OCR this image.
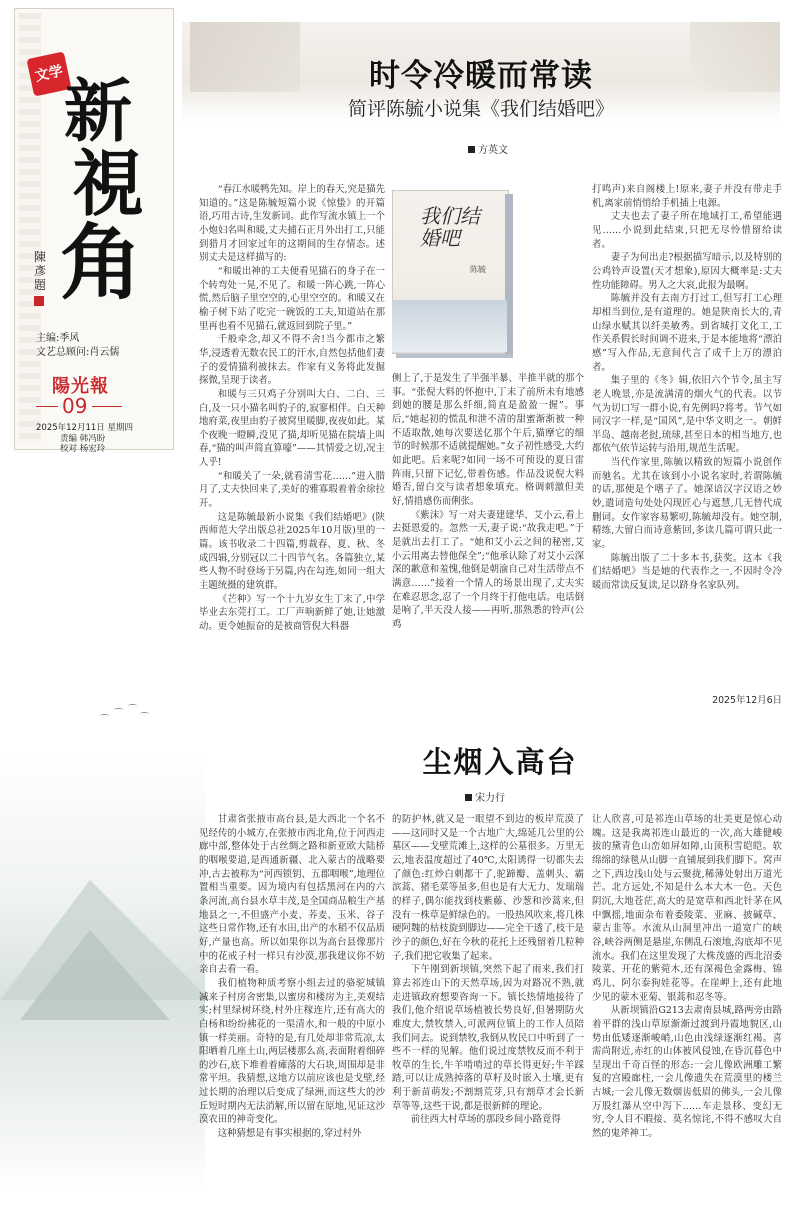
文学 新
視
角
陳彥題
主编:季风
文艺总顾问:肖云儒
陽光報
09
2025年12月11日 星期四
责编 韩冯盼
校对 杨宏玲
时令冷暖而常读
简评陈毓小说集《我们结婚吧》
方英文

“春江水暖鸭先知。岸上的春天,究是猫先知道的。”这是陈毓短篇小说《惊蛰》的开篇语,巧用古诗,生发新词。此作写流水镇上一个小炮妇名叫和暖,丈夫捕石正月外出打工,只能到猎月才回家过年的这期间的生存情态。述别丈夫是这样描写的:

“和暖出神的工夫便看见猫石的身子在一个转弯处一晃,不见了。和暖一阵心跳,一阵心慌,然后脑子里空空的,心里空空的。和暖又在榆子树下站了吃完一碗饭的工夫,知道站在那里再也看不见猫石,就返回到院子里。”

千般牵念,却又不得不舍!当今都市之繁华,浸透着无数农民工的汗水,自然包括他们妻子的爱情猫利被抹去。作家有义务将此发掘探微,呈现于读者。

和暖与三只鸡子分别叫大白、二白、三白,及一只小猫名叫豹子的,寂寥相伴。白天种地府菜,夜里由豹子被窝里暖脚,夜夜如此。某个夜晚一瞪瞬,没见了猫,却听见猫在院墙上叫春,“猫的叫声简直算嚎”——其情爱之切,况主人乎!

“和暖关了一朵,就看清雪花……”进入腊月了,丈夫快回来了,美好的雅寡瑕着着余徐拉开。

这是陈毓最新小说集《我们结婚吧》(陕西师范大学出版总社2025年10月版)里的一篇。该书收录二十四篇,剪裁春、夏、秋、冬成四辑,分别冠以二十四节气名。各篇独立,某些人物不时登场于另篇,内在勾连,如同一组大主题统摄的建筑群。

《芒种》写一个十九岁女生丁末了,中学毕业去东莞打工。工厂声响新鲜了她,让她激动。更令她振奋的是被商管倪大料器

我们结婚吧
陈毓

侧上了,于是发生了半强半暴、半推半就的那个事。“张倪大料的怀抱中,丁末了前所未有地感到她的腰是那么纤细,简直是盈盈一握”。事后,“她起初的慌乱和泄不清的甜蜜渐渐被一种不适取散,她每次要送亿那个午后,猫摩它的细节的时候那不适就提醒她。”女子初性感受,大约如此吧。后来呢?如同一场不可预设的夏日雷阵雨,只留下记忆,带着伤感。作品没说倪大料婚否,留白交与读者想象填充。格调刺激但美好,情措感伤而俐张。

《紫沫》写一对夫妻建建华、艾小云,看上去挺恩爱的。忽然一天,妻子说:“故我走吧。”于是就出去打工了。“她和艾小云之间的秘密,艾小云用离去替他保全”;“他承认除了对艾小云深深的歉意和羞愧,他倒是朝渝自己对生活带点不满意……”接着一个情人的场景出现了,丈夫实在难忍思念,忍了一个月终于打他电话。电话倒是响了,半天没人接——再听,那熟悉的铃声(公鸡

打鸣声)来自阁楼上!原来,妻子并没有带走手机,离家前悄悄给手机插上电源。

丈夫也去了妻子所在地域打工,希望能遇见……小说到此结束,只把无尽怜惜留给读者。

妻子为何出走?根据描写暗示,以及特别的公鸡铃声设置(天才想象),原因大概率是:丈夫性功能障碍。男人之大哀,此报为最啊。

陈毓并没有去南方打过工,但写打工心理却相当到位,是有道理的。她是陕南长大的,青山绿水赋其以纤美敏秀。到省城打文化工,工作关系假长时间调不进来,于是本能地将“漂泊感”写入作品,无意间代言了成千上万的漂泊者。

集子里的《冬》辑,依旧六个节令,虽主写老人晚景,亦是流满清的烟火气的代表。以节气为切口写一群小说,有先例吗?将考。节气如同汉字一样,是“国风”,是中华文明之一。朝鲜半岛、越南老挝,琉球,甚至日本的相当地方,也都依气依节运转与沿用,规范生活呢。

当代作家里,陈毓以精致的短篇小说创作而驰名。尤其在该到小小说名家时,若谓陈毓的话,那便是个嗜子了。她深谙汉字汉语之妙妙,遣词造句处处闪现匠心与遮慧,几无替代成删词。女作家容易繁叨,陈毓却没有。她空制,精练,大留白而诗意紫回,多读几篇可谓只此一家。

陈毓出版了二十多本书,获奖。这本《我们结婚吧》当是她的代表作之一,不因时令冷暖而常读反复读,足以跻身名家队列。

2025年12月6日
⌒
⌒ ⌒
⌒
尘烟入高台
宋力行

甘肃省张掖市高台县,是大西北一个名不见经传的小城方,在张掖市西北角,位于河西走廊中部,整体处于古丝绸之路和新亚欧大陆桥的咽喉要道,是西通新疆、北入蒙古的战略要冲,古去被称为“河西锁钥、五郡咽喉”,地理位置相当重要。因为境内有包括黑河在内的六条河流,高台县水草丰茂,是全国商品粮生产基地县之一,不但盛产小麦、荞麦、玉米、谷子这些日常作物,还有水田,出产的水稻不仅品质好,产量也高。所以如果你以为高台县像那片中的花戒子村一样只有沙漠,那我建议你不妨亲自去看一看。

我们植物种质考察小组去过的骆驼城镇减来子村房舍密集,以蜜房和楼房为主,美观结实;村里绿树环绕,村外庄稼连片,还有高大的白杨和纷纷拂花的一渠清水,和一般的中原小镇一样美丽。奇特的是,有几处却非常荒凉,太阳晒着几座土山,两层楼那么高,表面附着细碎的沙石,底下堆着着瘫落的大石块,周围却是非常平坦。我猜想,这地方以前应该也是戈壁,经过长期的治理以后变成了绿洲,而这些大的沙丘短时期内无法消解,所以留在原地,见证这沙漠农田的神奇变化。

这种猜想是有事实根据的,穿过村外

的防护林,就又是一眼望不到边的板岸荒漠了——这同时又是一个古地广大,绵延几公里的公墓区——戈壁荒滩上,这样的公墓很多。万里无云,地表温度超过了40℃,太阳诱得一切都失去了颜色:红炒白刺都干了,驼蹄瓣、盖刺头、霸滨蒿、猪毛菜等虽多,但也是有大无力、发瑞瑞的样子,偶尔能找到枝紫藤、沙葱和沙蒿来,但没有一株草是鲜绿色的。一股热风吹来,将几株硬阿魏的枯枝旋到脚边——完全干透了,枝干是沙子的颜色,好在今秋的花托上还残留着几粒种子,我们把它收集了起来。

下午刚到新坝镇,突然下起了雨来,我们打算去祁连山下的天然草场,因为对路况不熟,就走进镇政府想要咨询一下。镇长热情地接待了我们,他介绍说草场植被长势良好,但暑期防火难度大,禁牧禁入,可派两位镇上的工作人员陪我们同去。说到禁牧,我倒从牧民口中听到了一些不一样的见解。他们说过度禁牧反而不利于牧草的生长,牛羊啃啃过的草长得更好;牛羊踩踏,可以让成熟掉落的草籽及时嵌入土壤,更有利于新苗萌发;不割割荒芽,只有割草才会长新草等等,这些干说,都是很新鲜的理论。

前往西大村草场的那段乡间小路竟得

让人欣喜,可是祁连山草场的壮美更是惊心动魄。这是我离祁连山最近的一次,高大雄健峻拔的黛青色山峦如屏如障,山顶积雪皑皑。软绵绵的绿毯从山脚一直铺展到我们脚下。窝声之下,西边浅山处与云聚拢,稀薄处射出万道光芒。北方远处,不知是什么本大木一色。天色阴沉,大地苍茫,高大的是宽草和西北针茅在风中飘摇,地面杂布着委陵菜、亚麻、披碱草、蒙古韭等。水流从山洞里冲出一道宽广的峡谷,峡谷两侧是悬崖,东侧乱石滚地,沟底却不见流水。我们在这里发现了大株茂盛的西北沼委陵菜、开花的紫菀木,还有深褐色金露梅、锦鸡儿、阿尔泰狗娃花等。在崖岬上,还有此地少见的蒙木亚菊、银蒿和忍冬等。

从新坝镇沿G213去肃南县城,路两旁由路着平群的浅山草原渐渐过渡到丹霞地貌区,山势由低矮逐渐峻峭,山色由浅绿逐渐红褐。喜需尚附近,赤红的山体被风侵蚀,在昏沉暮色中呈现出千奇百怪的形态:一会儿像欧洲雕工繁复的宫殿廊柱,一会儿像遗失在荒漠里的楼兰古城;一会儿像无数烟齿低眉的佛头,一会儿像万股红瀑从空中泻下……车走景移、变幻无穷,令人目不暇接、莫名惊诧,不得不感叹大自然的鬼斧神工。
